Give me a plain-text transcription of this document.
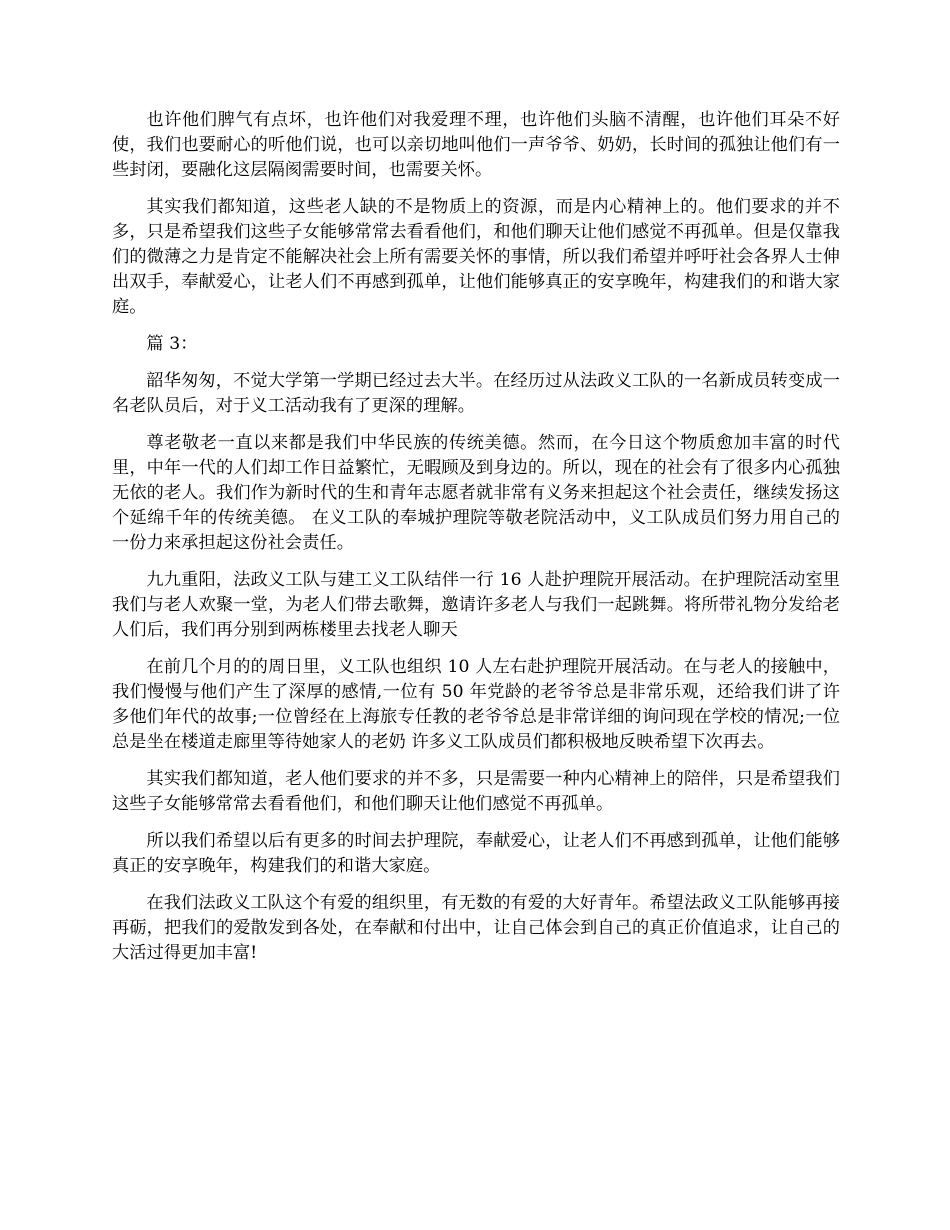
也许他们脾气有点坏，也许他们对我爱理不理，也许他们头脑不清醒，也许他们耳朵不好使，我们也要耐心的听他们说，也可以亲切地叫他们一声爷爷、奶奶，长时间的孤独让他们有一些封闭，要融化这层隔阂需要时间，也需要关怀。

其实我们都知道，这些老人缺的不是物质上的资源，而是内心精神上的。他们要求的并不多，只是希望我们这些子女能够常常去看看他们，和他们聊天让他们感觉不再孤单。但是仅靠我们的微薄之力是肯定不能解决社会上所有需要关怀的事情，所以我们希望并呼吁社会各界人士伸出双手，奉献爱心，让老人们不再感到孤单，让他们能够真正的安享晚年，构建我们的和谐大家庭。

篇 3：

韶华匆匆，不觉大学第一学期已经过去大半。在经历过从法政义工队的一名新成员转变成一名老队员后，对于义工活动我有了更深的理解。

尊老敬老一直以来都是我们中华民族的传统美德。然而，在今日这个物质愈加丰富的时代里，中年一代的人们却工作日益繁忙，无暇顾及到身边的。所以，现在的社会有了很多内心孤独无依的老人。我们作为新时代的生和青年志愿者就非常有义务来担起这个社会责任，继续发扬这个延绵千年的传统美德。 在义工队的奉城护理院等敬老院活动中，义工队成员们努力用自己的一份力来承担起这份社会责任。

九九重阳，法政义工队与建工义工队结伴一行 16 人赴护理院开展活动。在护理院活动室里我们与老人欢聚一堂，为老人们带去歌舞，邀请许多老人与我们一起跳舞。将所带礼物分发给老人们后，我们再分别到两栋楼里去找老人聊天

在前几个月的的周日里，义工队也组织 10 人左右赴护理院开展活动。在与老人的接触中，我们慢慢与他们产生了深厚的感情,一位有 50 年党龄的老爷爷总是非常乐观，还给我们讲了许多他们年代的故事;一位曾经在上海旅专任教的老爷爷总是非常详细的询问现在学校的情况;一位总是坐在楼道走廊里等待她家人的老奶 许多义工队成员们都积极地反映希望下次再去。

其实我们都知道，老人他们要求的并不多，只是需要一种内心精神上的陪伴，只是希望我们这些子女能够常常去看看他们，和他们聊天让他们感觉不再孤单。

所以我们希望以后有更多的时间去护理院，奉献爱心，让老人们不再感到孤单，让他们能够真正的安享晚年，构建我们的和谐大家庭。

在我们法政义工队这个有爱的组织里，有无数的有爱的大好青年。希望法政义工队能够再接再砺，把我们的爱散发到各处，在奉献和付出中，让自己体会到自己的真正价值追求，让自己的大活过得更加丰富!
